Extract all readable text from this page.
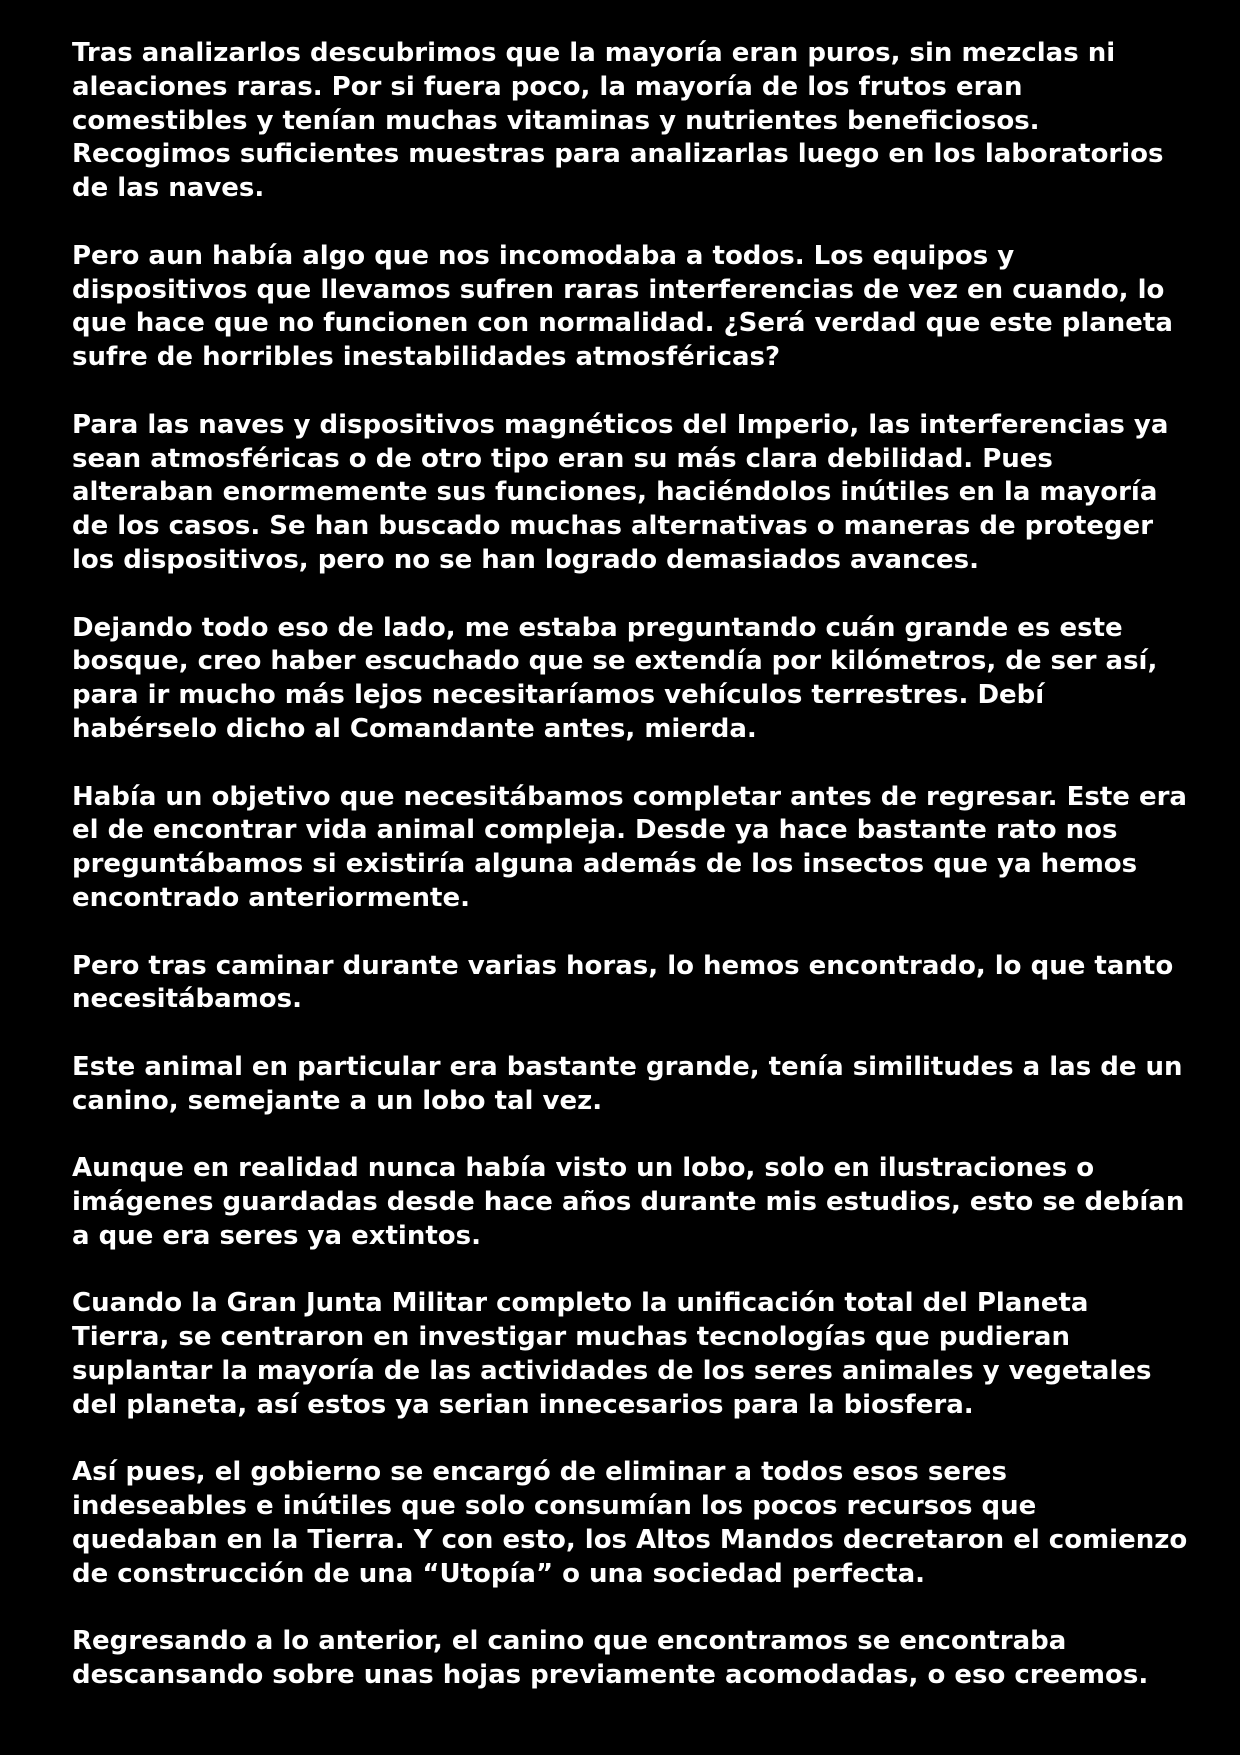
Tras analizarlos descubrimos que la mayoría eran puros, sin mezclas ni aleaciones raras. Por si fuera poco, la mayoría de los frutos eran comestibles y tenían muchas vitaminas y nutrientes beneficiosos. Recogimos suficientes muestras para analizarlas luego en los laboratorios de las naves.

Pero aun había algo que nos incomodaba a todos. Los equipos y dispositivos que llevamos sufren raras interferencias de vez en cuando, lo que hace que no funcionen con normalidad. ¿Será verdad que este planeta sufre de horribles inestabilidades atmosféricas?

Para las naves y dispositivos magnéticos del Imperio, las interferencias ya sean atmosféricas o de otro tipo eran su más clara debilidad. Pues alteraban enormemente sus funciones, haciéndolos inútiles en la mayoría de los casos. Se han buscado muchas alternativas o maneras de proteger los dispositivos, pero no se han logrado demasiados avances.

Dejando todo eso de lado, me estaba preguntando cuán grande es este bosque, creo haber escuchado que se extendía por kilómetros, de ser así, para ir mucho más lejos necesitaríamos vehículos terrestres. Debí habérselo dicho al Comandante antes, mierda.

Había un objetivo que necesitábamos completar antes de regresar. Este era el de encontrar vida animal compleja. Desde ya hace bastante rato nos preguntábamos si existiría alguna además de los insectos que ya hemos encontrado anteriormente.

Pero tras caminar durante varias horas, lo hemos encontrado, lo que tanto necesitábamos.

Este animal en particular era bastante grande, tenía similitudes a las de un canino, semejante a un lobo tal vez.

Aunque en realidad nunca había visto un lobo, solo en ilustraciones o imágenes guardadas desde hace años durante mis estudios, esto se debían a que era seres ya extintos.

Cuando la Gran Junta Militar completo la unificación total del Planeta Tierra, se centraron en investigar muchas tecnologías que pudieran suplantar la mayoría de las actividades de los seres animales y vegetales del planeta, así estos ya serian innecesarios para la biosfera.

Así pues, el gobierno se encargó de eliminar a todos esos seres indeseables e inútiles que solo consumían los pocos recursos que quedaban en la Tierra. Y con esto, los Altos Mandos decretaron el comienzo de construcción de una “Utopía” o una sociedad perfecta.

Regresando a lo anterior, el canino que encontramos se encontraba descansando sobre unas hojas previamente acomodadas, o eso creemos.
